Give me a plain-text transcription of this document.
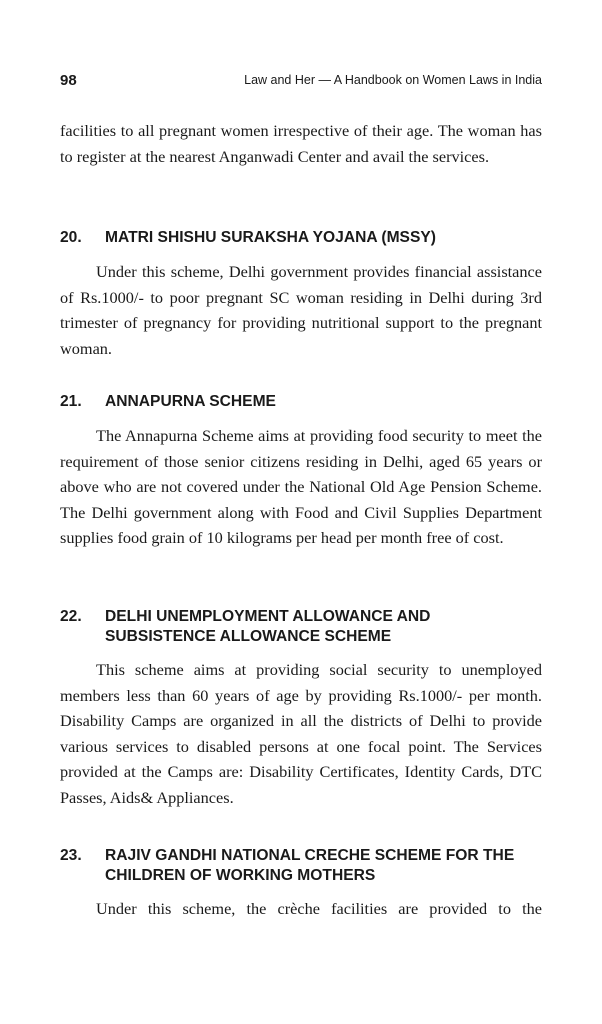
98	Law and Her — A Handbook on Women Laws in India

facilities to all pregnant women irrespective of their age. The woman has to register at the nearest Anganwadi Center and avail the services.

20.	MATRI SHISHU SURAKSHA YOJANA (MSSY)

Under this scheme, Delhi government provides financial assistance of Rs.1000/- to poor pregnant SC woman residing in Delhi during 3rd trimester of pregnancy for providing nutritional support to the pregnant woman.

21.	ANNAPURNA SCHEME

The Annapurna Scheme aims at providing food security to meet the requirement of those senior citizens residing in Delhi, aged 65 years or above who are not covered under the National Old Age Pension Scheme. The Delhi government along with Food and Civil Supplies Department supplies food grain of 10 kilograms per head per month free of cost.

22.	DELHI UNEMPLOYMENT ALLOWANCE AND SUBSISTENCE ALLOWANCE SCHEME

This scheme aims at providing social security to unemployed members less than 60 years of age by providing Rs.1000/- per month. Disability Camps are organized in all the districts of Delhi to provide various services to disabled persons at one focal point. The Services provided at the Camps are: Disability Certificates, Identity Cards, DTC Passes, Aids& Appliances.

23.	RAJIV GANDHI NATIONAL CRECHE SCHEME FOR THE CHILDREN OF WORKING MOTHERS

Under this scheme, the crèche facilities are provided to the
